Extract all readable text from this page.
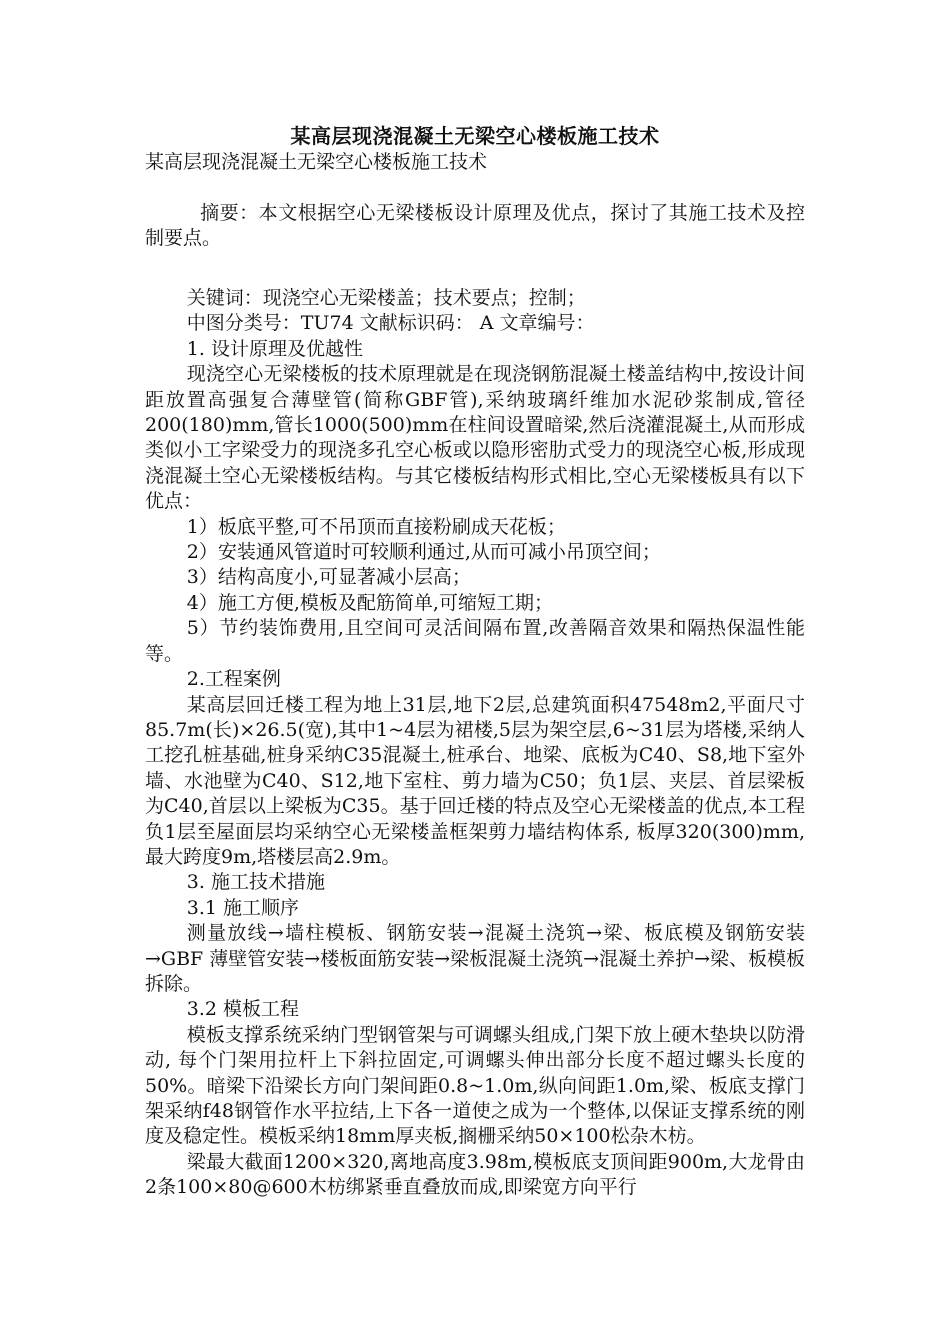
某高层现浇混凝土无梁空心楼板施工技术

某高层现浇混凝土无梁空心楼板施工技术

摘要：本文根据空心无梁楼板设计原理及优点，探讨了其施工技术及控制要点。

关键词：现浇空心无梁楼盖；技术要点；控制；

中图分类号：TU74 文献标识码： A 文章编号：

1. 设计原理及优越性

现浇空心无梁楼板的技术原理就是在现浇钢筋混凝土楼盖结构中,按设计间距放置高强复合薄壁管(简称GBF管),采纳玻璃纤维加水泥砂浆制成,管径200(180)mm,管长1000(500)mm在柱间设置暗梁,然后浇灌混凝土,从而形成类似小工字梁受力的现浇多孔空心板或以隐形密肋式受力的现浇空心板,形成现浇混凝土空心无梁楼板结构。与其它楼板结构形式相比,空心无梁楼板具有以下优点：

1）板底平整,可不吊顶而直接粉刷成天花板；

2）安装通风管道时可较顺利通过,从而可减小吊顶空间；

3）结构高度小,可显著减小层高；

4）施工方便,模板及配筋简单,可缩短工期；

5）节约装饰费用,且空间可灵活间隔布置,改善隔音效果和隔热保温性能等。

2.工程案例

某高层回迁楼工程为地上31层,地下2层,总建筑面积47548m2,平面尺寸85.7m(长)×26.5(宽),其中1~4层为裙楼,5层为架空层,6~31层为塔楼,采纳人工挖孔桩基础,桩身采纳C35混凝土,桩承台、地梁、底板为C40、S8,地下室外墙、水池壁为C40、S12,地下室柱、剪力墙为C50；负1层、夹层、首层梁板为C40,首层以上梁板为C35。基于回迁楼的特点及空心无梁楼盖的优点,本工程负1层至屋面层均采纳空心无梁楼盖框架剪力墙结构体系, 板厚320(300)mm,最大跨度9m,塔楼层高2.9m。

3. 施工技术措施

3.1 施工顺序

测量放线→墙柱模板、钢筋安装→混凝土浇筑→梁、板底模及钢筋安装→GBF 薄壁管安装→楼板面筋安装→梁板混凝土浇筑→混凝土养护→梁、板模板拆除。

3.2 模板工程

模板支撑系统采纳门型钢管架与可调螺头组成,门架下放上硬木垫块以防滑动, 每个门架用拉杆上下斜拉固定,可调螺头伸出部分长度不超过螺头长度的50%。暗梁下沿梁长方向门架间距0.8~1.0m,纵向间距1.0m,梁、板底支撑门架采纳f48钢管作水平拉结,上下各一道使之成为一个整体,以保证支撑系统的刚度及稳定性。模板采纳18mm厚夹板,搁栅采纳50×100松杂木枋。

梁最大截面1200×320,离地高度3.98m,模板底支顶间距900m,大龙骨由2条100×80@600木枋绑紧垂直叠放而成,即梁宽方向平行
